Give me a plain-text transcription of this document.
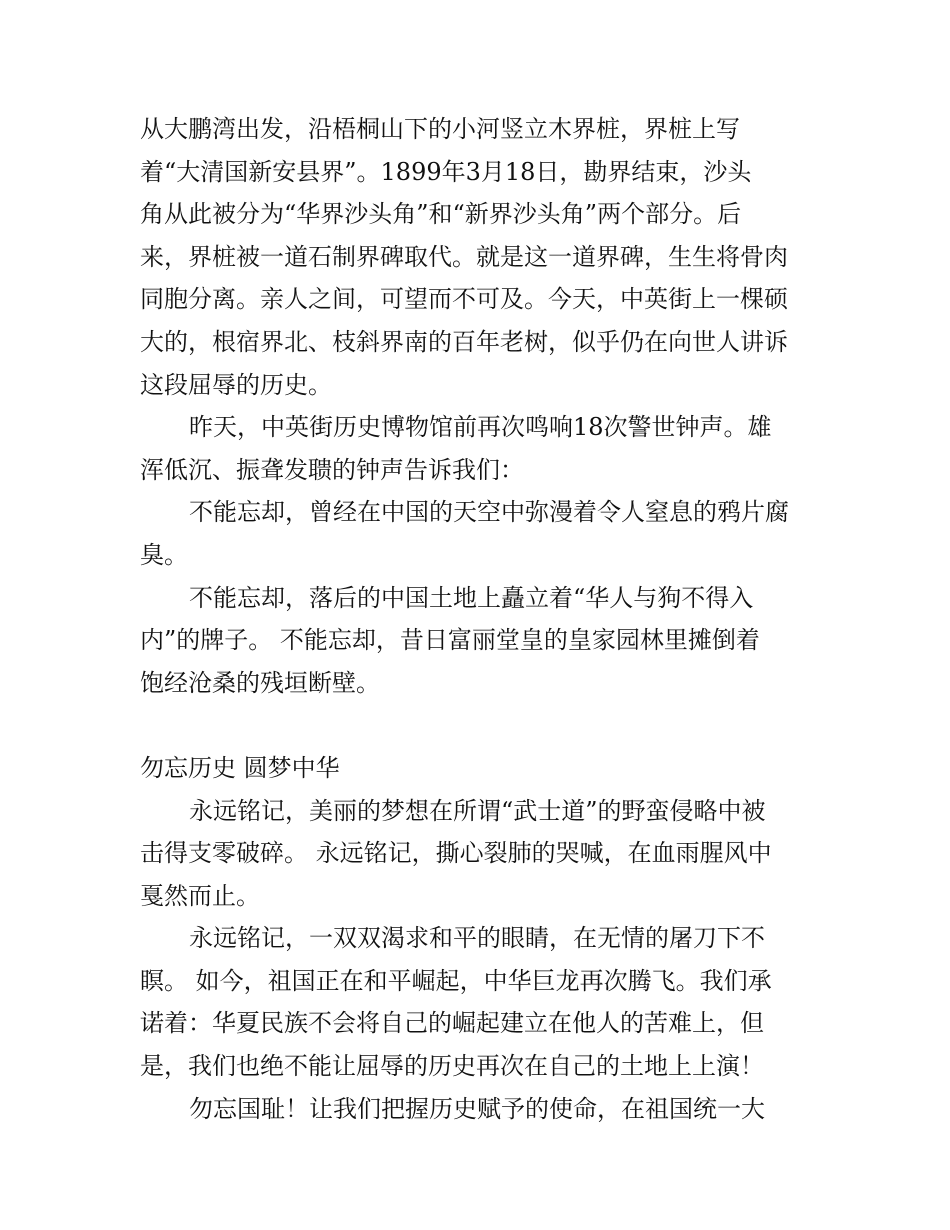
从大鹏湾出发，沿梧桐山下的小河竖立木界桩，界桩上写
着“大清国新安县界”。1899年3月18日，勘界结束，沙头
角从此被分为“华界沙头角”和“新界沙头角”两个部分。后
来，界桩被一道石制界碑取代。就是这一道界碑，生生将骨肉
同胞分离。亲人之间，可望而不可及。今天，中英街上一棵硕
大的，根宿界北、枝斜界南的百年老树，似乎仍在向世人讲诉
这段屈辱的历史。
昨天，中英街历史博物馆前再次鸣响18次警世钟声。雄
浑低沉、振聋发聩的钟声告诉我们：
不能忘却，曾经在中国的天空中弥漫着令人窒息的鸦片腐
臭。
不能忘却，落后的中国土地上矗立着“华人与狗不得入
内”的牌子。 不能忘却，昔日富丽堂皇的皇家园林里摊倒着
饱经沧桑的残垣断壁。
勿忘历史 圆梦中华
永远铭记，美丽的梦想在所谓“武士道”的野蛮侵略中被
击得支零破碎。 永远铭记，撕心裂肺的哭喊，在血雨腥风中
戛然而止。
永远铭记，一双双渴求和平的眼睛，在无情的屠刀下不
瞑。 如今，祖国正在和平崛起，中华巨龙再次腾飞。我们承
诺着：华夏民族不会将自己的崛起建立在他人的苦难上，但
是，我们也绝不能让屈辱的历史再次在自己的土地上上演！
勿忘国耻！让我们把握历史赋予的使命，在祖国统一大
